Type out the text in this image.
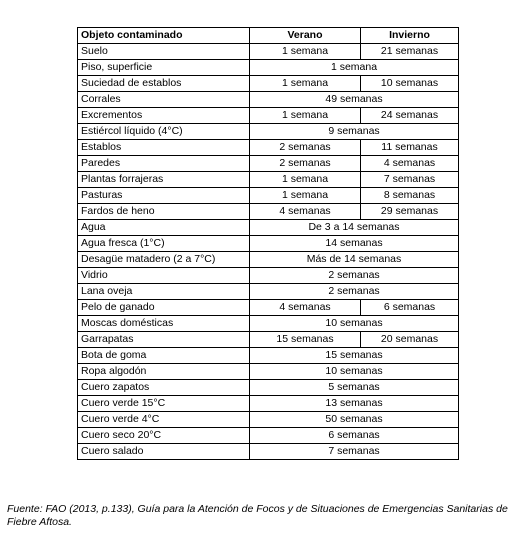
Objeto contaminado	Verano	Invierno
Suelo	1 semana	21 semanas
Piso, superficie	1 semana	
Suciedad de establos	1 semana	10 semanas
Corrales	49 semanas	
Excrementos	1 semana	24 semanas
Estiércol líquido (4°C)	9 semanas	
Establos	2 semanas	11 semanas
Paredes	2 semanas	4 semanas
Plantas forrajeras	1 semana	7 semanas
Pasturas	1 semana	8 semanas
Fardos de heno	4 semanas	29 semanas
Agua	De 3 a 14 semanas	
Agua fresca (1°C)	14 semanas	
Desagüe matadero (2 a 7°C)	Más de 14 semanas	
Vidrio	2 semanas	
Lana oveja	2 semanas	
Pelo de ganado	4 semanas	6 semanas
Moscas domésticas	10 semanas	
Garrapatas	15 semanas	20 semanas
Bota de goma	15 semanas	
Ropa algodón	10 semanas	
Cuero zapatos	5 semanas	
Cuero verde 15°C	13 semanas	
Cuero verde 4°C	50 semanas	
Cuero seco 20°C	6 semanas	
Cuero salado	7 semanas	

Fuente: FAO (2013, p.133), Guía para la Atención de Focos y de Situaciones de Emergencias Sanitarias de Fiebre Aftosa.
